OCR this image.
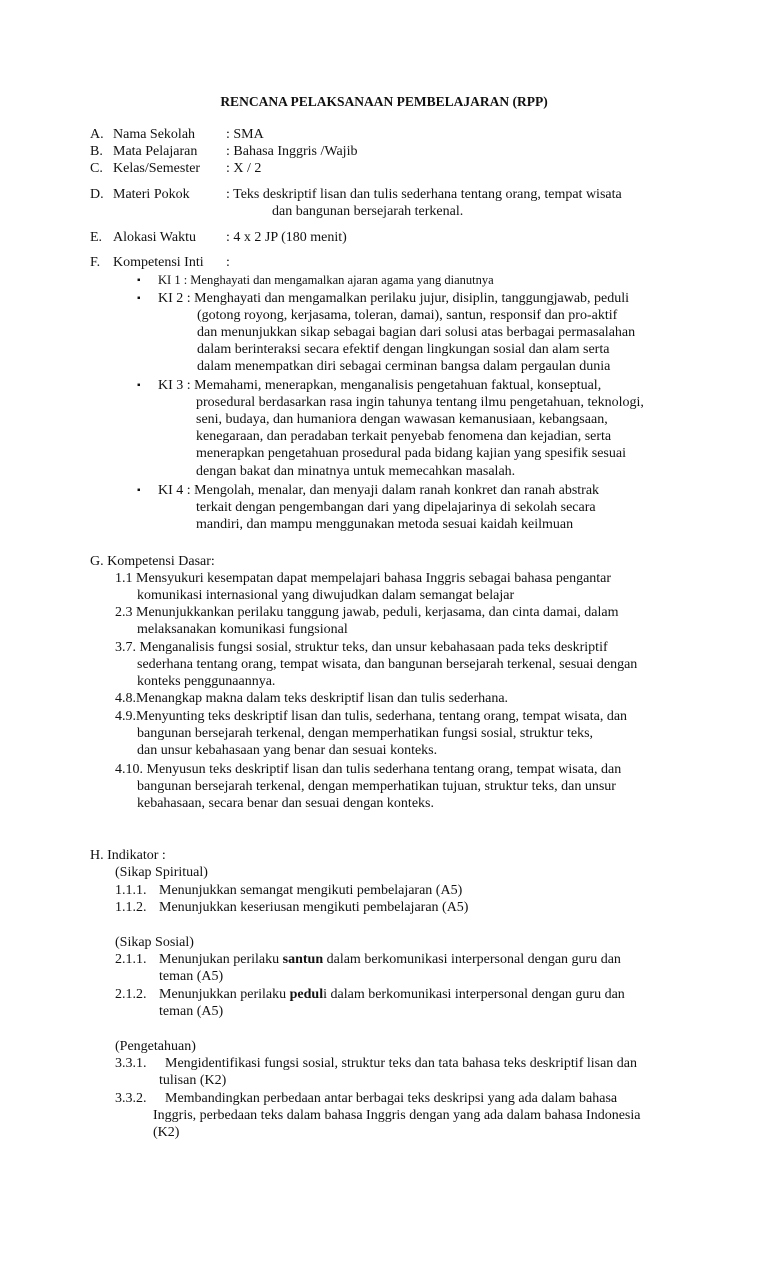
RENCANA PELAKSANAAN PEMBELAJARAN (RPP)
A. Nama Sekolah : SMA
B. Mata Pelajaran : Bahasa Inggris /Wajib
C. Kelas/Semester : X / 2
D. Materi Pokok	: Teks deskriptif lisan dan tulis sederhana tentang orang, tempat wisata
dan bangunan bersejarah terkenal.
E. Alokasi Waktu : 4 x 2 JP (180 menit)
F. Kompetensi Inti :
▪ KI 1 : Menghayati dan mengamalkan ajaran agama yang dianutnya
▪ KI 2 : Menghayati dan mengamalkan perilaku jujur, disiplin, tanggungjawab, peduli
(gotong royong, kerjasama, toleran, damai), santun, responsif dan pro-aktif
dan menunjukkan sikap sebagai bagian dari solusi atas berbagai permasalahan
dalam berinteraksi secara efektif dengan lingkungan sosial dan alam serta
dalam menempatkan diri sebagai cerminan bangsa dalam pergaulan dunia
▪ KI 3 : Memahami, menerapkan, menganalisis pengetahuan faktual, konseptual,
prosedural berdasarkan rasa ingin tahunya tentang ilmu pengetahuan, teknologi,
seni, budaya, dan humaniora dengan wawasan kemanusiaan, kebangsaan,
kenegaraan, dan peradaban terkait penyebab fenomena dan kejadian, serta
menerapkan pengetahuan prosedural pada bidang kajian yang spesifik sesuai
dengan bakat dan minatnya untuk memecahkan masalah.
▪ KI 4 : Mengolah, menalar, dan menyaji dalam ranah konkret dan ranah abstrak
terkait dengan pengembangan dari yang dipelajarinya di sekolah secara
mandiri, dan mampu menggunakan metoda sesuai kaidah keilmuan
G. Kompetensi Dasar:
1.1 Mensyukuri kesempatan dapat mempelajari bahasa Inggris sebagai bahasa pengantar
komunikasi internasional yang diwujudkan dalam semangat belajar
2.3 Menunjukkankan perilaku tanggung jawab, peduli, kerjasama, dan cinta damai, dalam
melaksanakan komunikasi fungsional
3.7. Menganalisis fungsi sosial, struktur teks, dan unsur kebahasaan pada teks deskriptif
sederhana tentang orang, tempat wisata, dan bangunan bersejarah terkenal, sesuai dengan
konteks penggunaannya.
4.8.Menangkap makna dalam teks deskriptif lisan dan tulis sederhana.
4.9.Menyunting teks deskriptif lisan dan tulis, sederhana, tentang orang, tempat wisata, dan
bangunan bersejarah terkenal, dengan memperhatikan fungsi sosial, struktur teks,
dan unsur kebahasaan yang benar dan sesuai konteks.
4.10. Menyusun teks deskriptif lisan dan tulis sederhana tentang orang, tempat wisata, dan
bangunan bersejarah terkenal, dengan memperhatikan tujuan, struktur teks, dan unsur
kebahasaan, secara benar dan sesuai dengan konteks.
H. Indikator :
(Sikap Spiritual)
1.1.1. Menunjukkan semangat mengikuti pembelajaran (A5)
1.1.2. Menunjukkan keseriusan mengikuti pembelajaran (A5)
(Sikap Sosial)
2.1.1. Menunjukan perilaku santun dalam berkomunikasi interpersonal dengan guru dan
teman (A5)
2.1.2. Menunjukkan perilaku peduli dalam berkomunikasi interpersonal dengan guru dan
teman (A5)
(Pengetahuan)
3.3.1. Mengidentifikasi fungsi sosial, struktur teks dan tata bahasa teks deskriptif lisan dan
tulisan (K2)
3.3.2. Membandingkan perbedaan antar berbagai teks deskripsi yang ada dalam bahasa
Inggris, perbedaan teks dalam bahasa Inggris dengan yang ada dalam bahasa Indonesia
(K2)
